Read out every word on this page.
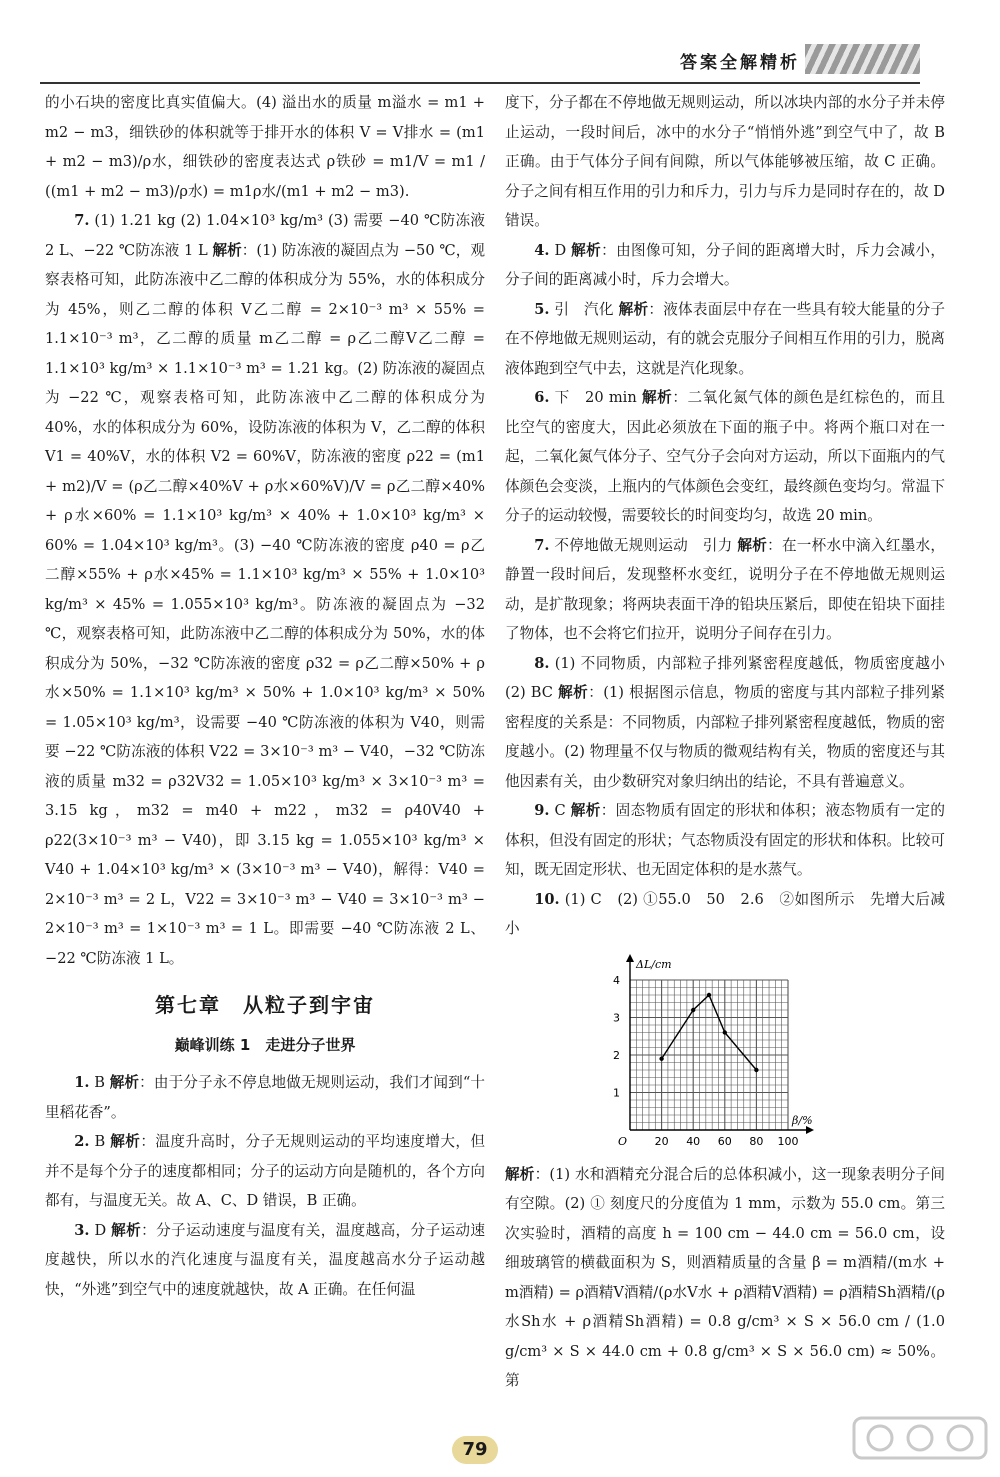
答案全解精析

的小石块的密度比真实值偏大。(4) 溢出水的质量 m溢水 = m1 + m2 − m3，细铁砂的体积就等于排开水的体积 V = V排水 = (m1 + m2 − m3)/ρ水，细铁砂的密度表达式 ρ铁砂 = m1/V = m1 / ((m1 + m2 − m3)/ρ水) = m1ρ水/(m1 + m2 − m3).

7. (1) 1.21 kg (2) 1.04×10³ kg/m³ (3) 需要 −40 ℃防冻液 2 L、−22 ℃防冻液 1 L 解析：(1) 防冻液的凝固点为 −50 ℃，观察表格可知，此防冻液中乙二醇的体积成分为 55%，水的体积成分为 45%，则乙二醇的体积 V乙二醇 = 2×10⁻³ m³ × 55% = 1.1×10⁻³ m³，乙二醇的质量 m乙二醇 = ρ乙二醇V乙二醇 = 1.1×10³ kg/m³ × 1.1×10⁻³ m³ = 1.21 kg。(2) 防冻液的凝固点为 −22 ℃，观察表格可知，此防冻液中乙二醇的体积成分为 40%，水的体积成分为 60%，设防冻液的体积为 V，乙二醇的体积 V1 = 40%V，水的体积 V2 = 60%V，防冻液的密度 ρ22 = (m1 + m2)/V = (ρ乙二醇×40%V + ρ水×60%V)/V = ρ乙二醇×40% + ρ水×60% = 1.1×10³ kg/m³ × 40% + 1.0×10³ kg/m³ × 60% = 1.04×10³ kg/m³。(3) −40 ℃防冻液的密度 ρ40 = ρ乙二醇×55% + ρ水×45% = 1.1×10³ kg/m³ × 55% + 1.0×10³ kg/m³ × 45% = 1.055×10³ kg/m³。防冻液的凝固点为 −32 ℃，观察表格可知，此防冻液中乙二醇的体积成分为 50%，水的体积成分为 50%，−32 ℃防冻液的密度 ρ32 = ρ乙二醇×50% + ρ水×50% = 1.1×10³ kg/m³ × 50% + 1.0×10³ kg/m³ × 50% = 1.05×10³ kg/m³，设需要 −40 ℃防冻液的体积为 V40，则需要 −22 ℃防冻液的体积 V22 = 3×10⁻³ m³ − V40，−32 ℃防冻液的质量 m32 = ρ32V32 = 1.05×10³ kg/m³ × 3×10⁻³ m³ = 3.15 kg，m32 = m40 + m22，m32 = ρ40V40 + ρ22(3×10⁻³ m³ − V40)，即 3.15 kg = 1.055×10³ kg/m³ × V40 + 1.04×10³ kg/m³ × (3×10⁻³ m³ − V40)，解得：V40 = 2×10⁻³ m³ = 2 L，V22 = 3×10⁻³ m³ − V40 = 3×10⁻³ m³ − 2×10⁻³ m³ = 1×10⁻³ m³ = 1 L。即需要 −40 ℃防冻液 2 L、−22 ℃防冻液 1 L。

第七章　从粒子到宇宙
巅峰训练 1　走进分子世界

1. B 解析：由于分子永不停息地做无规则运动，我们才闻到“十里稻花香”。

2. B 解析：温度升高时，分子无规则运动的平均速度增大，但并不是每个分子的速度都相同；分子的运动方向是随机的，各个方向都有，与温度无关。故 A、C、D 错误，B 正确。

3. D 解析：分子运动速度与温度有关，温度越高，分子运动速度越快，所以水的汽化速度与温度有关，温度越高水分子运动越快，“外逃”到空气中的速度就越快，故 A 正确。在任何温

度下，分子都在不停地做无规则运动，所以冰块内部的水分子并未停止运动，一段时间后，冰中的水分子“悄悄外逃”到空气中了，故 B 正确。由于气体分子间有间隙，所以气体能够被压缩，故 C 正确。分子之间有相互作用的引力和斥力，引力与斥力是同时存在的，故 D 错误。

4. D 解析：由图像可知，分子间的距离增大时，斥力会减小，分子间的距离减小时，斥力会增大。

5. 引　汽化 解析：液体表面层中存在一些具有较大能量的分子在不停地做无规则运动，有的就会克服分子间相互作用的引力，脱离液体跑到空气中去，这就是汽化现象。

6. 下　20 min 解析：二氧化氮气体的颜色是红棕色的，而且比空气的密度大，因此必须放在下面的瓶子中。将两个瓶口对在一起，二氧化氮气体分子、空气分子会向对方运动，所以下面瓶内的气体颜色会变淡，上瓶内的气体颜色会变红，最终颜色变均匀。常温下分子的运动较慢，需要较长的时间变均匀，故选 20 min。

7. 不停地做无规则运动　引力 解析：在一杯水中滴入红墨水，静置一段时间后，发现整杯水变红，说明分子在不停地做无规则运动，是扩散现象；将两块表面干净的铅块压紧后，即使在铅块下面挂了物体，也不会将它们拉开，说明分子间存在引力。

8. (1) 不同物质，内部粒子排列紧密程度越低，物质密度越小　(2) BC 解析：(1) 根据图示信息，物质的密度与其内部粒子排列紧密程度的关系是：不同物质，内部粒子排列紧密程度越低，物质的密度越小。(2) 物理量不仅与物质的微观结构有关，物质的密度还与其他因素有关，由少数研究对象归纳出的结论，不具有普遍意义。

9. C 解析：固态物质有固定的形状和体积；液态物质有一定的体积，但没有固定的形状；气态物质没有固定的形状和体积。比较可知，既无固定形状、也无固定体积的是水蒸气。

10. (1) C　(2) ①55.0　50　2.6　②如图所示　先增大后减小

20 40 60 80 100
1
2
3
4
O
β/%
ΔL/cm

解析：(1) 水和酒精充分混合后的总体积减小，这一现象表明分子间有空隙。(2) ① 刻度尺的分度值为 1 mm，示数为 55.0 cm。第三次实验时，酒精的高度 h = 100 cm − 44.0 cm = 56.0 cm，设细玻璃管的横截面积为 S，则酒精质量的含量 β = m酒精/(m水 + m酒精) = ρ酒精V酒精/(ρ水V水 + ρ酒精V酒精) = ρ酒精Sh酒精/(ρ水Sh水 + ρ酒精Sh酒精) = 0.8 g/cm³ × S × 56.0 cm / (1.0 g/cm³ × S × 44.0 cm + 0.8 g/cm³ × S × 56.0 cm) ≈ 50%。第

79
